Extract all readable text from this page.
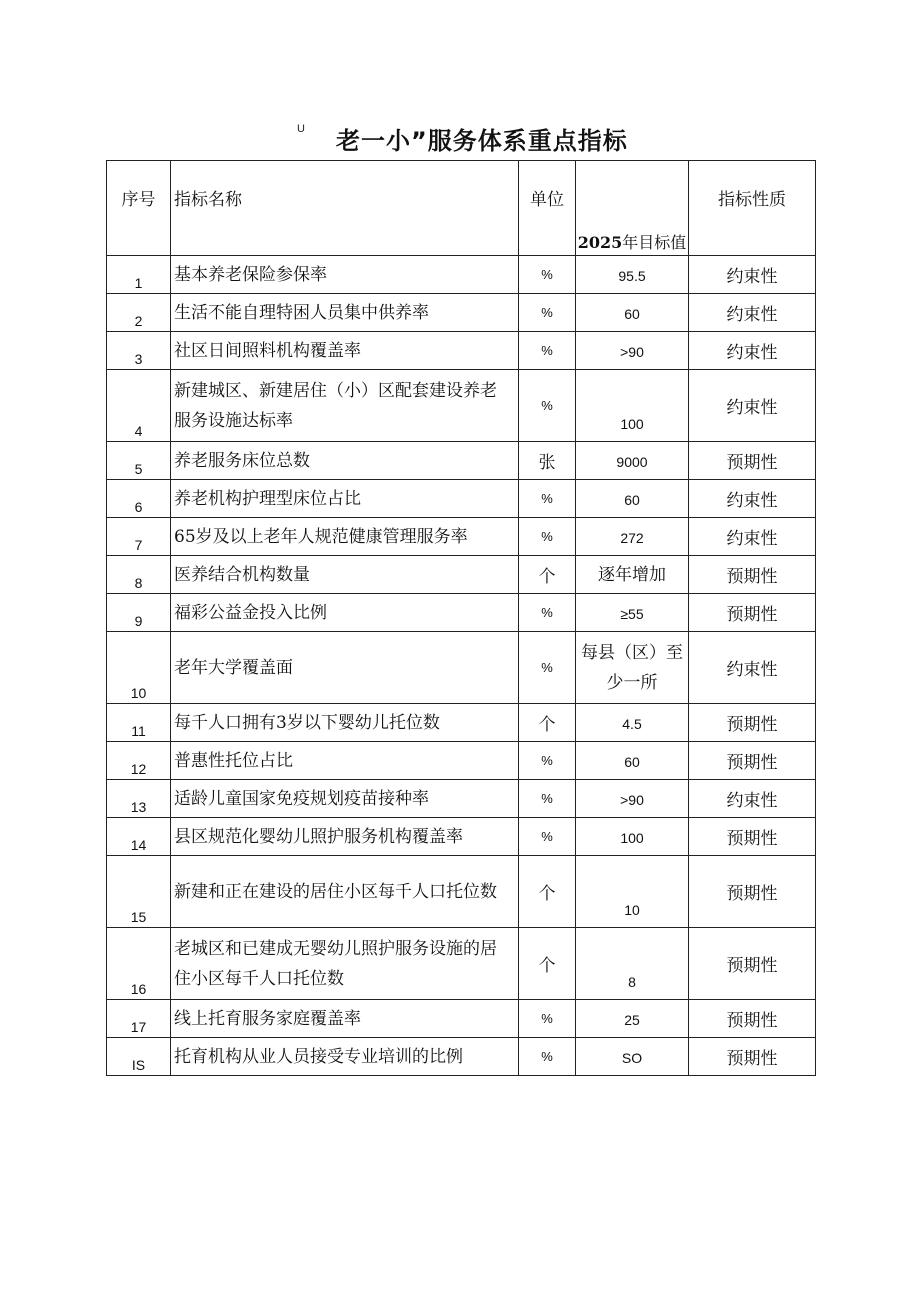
U 老一小”服务体系重点指标
序号	指标名称	单位	2025年目标值	指标性质
1	基本养老保险参保率	%	95.5	约束性
2	生活不能自理特困人员集中供养率	%	60	约束性
3	社区日间照料机构覆盖率	%	>90	约束性
4	新建城区、新建居住（小）区配套建设养老服务设施达标率	%	100	约束性
5	养老服务床位总数	张	9000	预期性
6	养老机构护理型床位占比	%	60	约束性
7	65岁及以上老年人规范健康管理服务率	%	272	约束性
8	医养结合机构数量	个	逐年增加	预期性
9	福彩公益金投入比例	%	≥55	预期性
10	老年大学覆盖面	%	每县（区）至少一所	约束性
11	每千人口拥有3岁以下婴幼儿托位数	个	4.5	预期性
12	普惠性托位占比	%	60	预期性
13	适龄儿童国家免疫规划疫苗接种率	%	>90	约束性
14	县区规范化婴幼儿照护服务机构覆盖率	%	100	预期性
15	新建和正在建设的居住小区每千人口托位数	个	10	预期性
16	老城区和已建成无婴幼儿照护服务设施的居住小区每千人口托位数	个	8	预期性
17	线上托育服务家庭覆盖率	%	25	预期性
IS	托育机构从业人员接受专业培训的比例	%	SO	预期性
